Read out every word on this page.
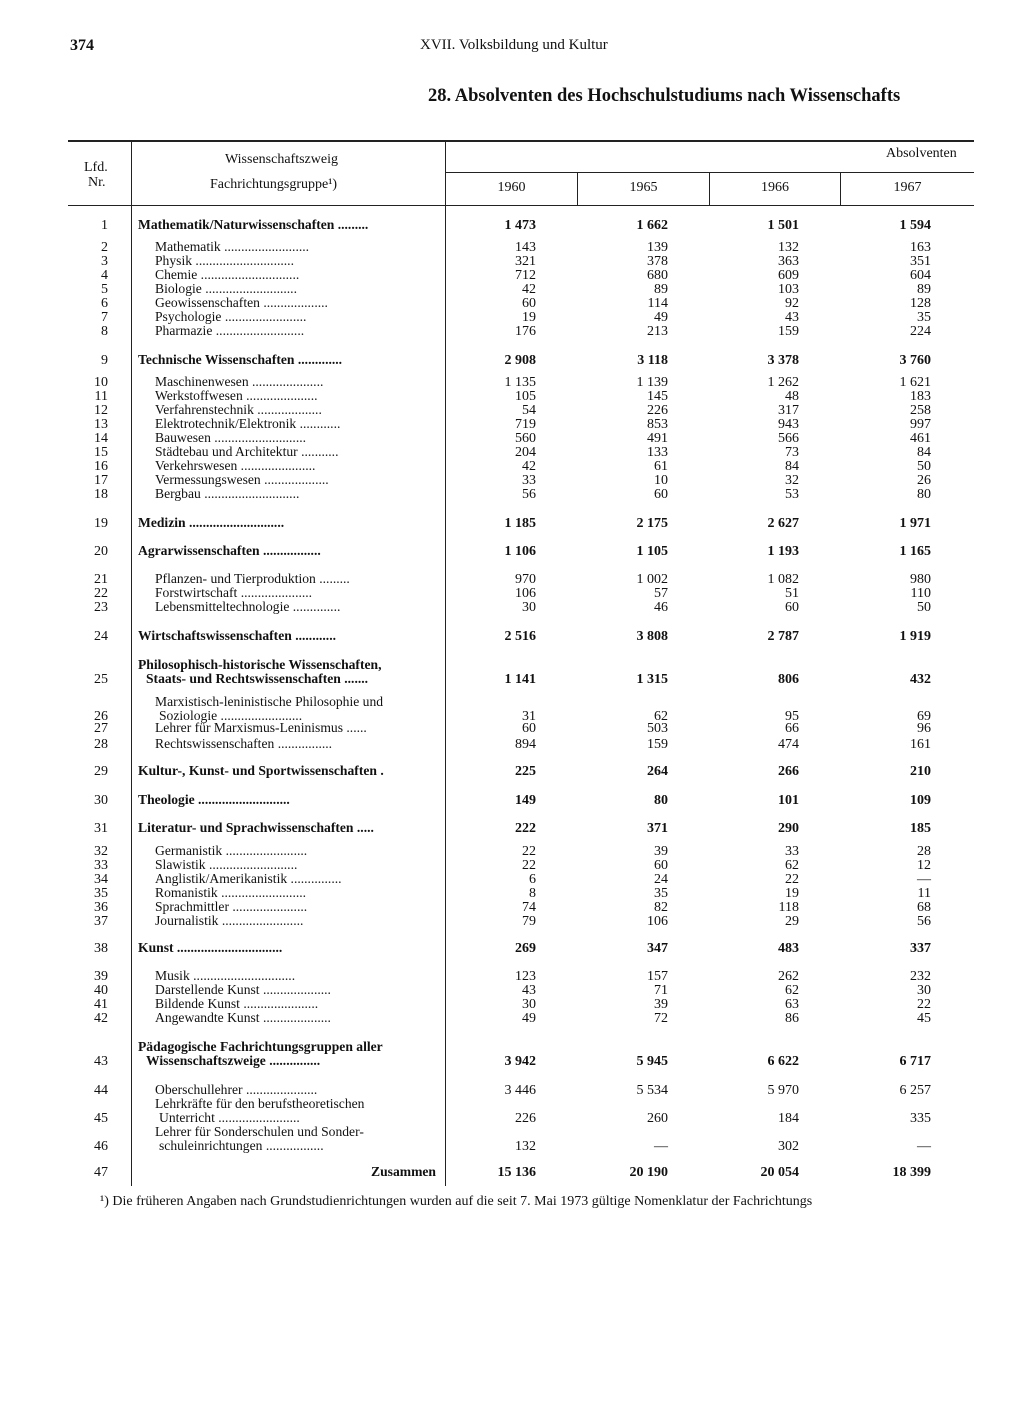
374	XVII. Volksbildung und Kultur
28. Absolventen des Hochschulstudiums nach Wissenschafts
Lfd.
Nr.
Wissenschaftszweig
Fachrichtungsgruppe¹)
Absolventen
1960	1965	1966	1967
1 Mathematik/Naturwissenschaften .........	1 473	1 662	1 501	1 594
2	Mathematik .........................	143	139	132	163
3	Physik .............................	321	378	363	351
4	Chemie .............................	712	680	609	604
5	Biologie ...........................	42	89	103	89
6	Geowissenschaften ...................	60	114	92	128
7	Psychologie ........................	19	49	43	35
8	Pharmazie ..........................	176	213	159	224
9 Technische Wissenschaften .............	2 908	3 118	3 378	3 760
10	Maschinenwesen .....................	1 135	1 139	1 262	1 621
11	Werkstoffwesen .....................	105	145	48	183
12	Verfahrenstechnik ...................	54	226	317	258
13	Elektrotechnik/Elektronik ............	719	853	943	997
14	Bauwesen ...........................	560	491	566	461
15	Städtebau und Architektur ...........	204	133	73	84
16	Verkehrswesen ......................	42	61	84	50
17	Vermessungswesen ...................	33	10	32	26
18	Bergbau ............................	56	60	53	80
19 Medizin ............................	1 185	2 175	2 627	1 971
20 Agrarwissenschaften .................	1 106	1 105	1 193	1 165
21	Pflanzen- und Tierproduktion .........	970	1 002	1 082	980
22	Forstwirtschaft .....................	106	57	51	110
23	Lebensmitteltechnologie ..............	30	46	60	50
24 Wirtschaftswissenschaften ............	2 516	3 808	2 787	1 919
25
Philosophisch-historische Wissenschaften,
Staats- und Rechtswissenschaften .......	1 141	1 315	806	432
26
Marxistisch-leninistische Philosophie und
Soziologie ........................	31	62	95	69
27	Lehrer für Marxismus-Leninismus ......	60	503	66	96
28	Rechtswissenschaften ................	894	159	474	161
29 Kultur-, Kunst- und Sportwissenschaften .	225	264	266	210
30 Theologie ...........................	149	80	101	109
31 Literatur- und Sprachwissenschaften .....	222	371	290	185
32	Germanistik ........................	22	39	33	28
33	Slawistik ..........................	22	60	62	12
34	Anglistik/Amerikanistik ...............	6	24	22	—
35	Romanistik .........................	8	35	19	11
36	Sprachmittler ......................	74	82	118	68
37	Journalistik ........................	79	106	29	56
38 Kunst ...............................	269	347	483	337
39	Musik ..............................	123	157	262	232
40	Darstellende Kunst ....................	43	71	62	30
41	Bildende Kunst ......................	30	39	63	22
42	Angewandte Kunst ....................	49	72	86	45
43
Pädagogische Fachrichtungsgruppen aller
Wissenschaftszweige ...............	3 942	5 945	6 622	6 717
44	Oberschullehrer .....................	3 446	5 534	5 970	6 257
45
Lehrkräfte für den berufstheoretischen
Unterricht ........................	226	260	184	335
46
Lehrer für Sonderschulen und Sonder-
schuleinrichtungen .................	132	—	302	—
47	Zusammen	15 136	20 190	20 054	18 399
¹) Die früheren Angaben nach Grundstudienrichtungen wurden auf die seit 7. Mai 1973 gültige Nomenklatur der Fachrichtungs
